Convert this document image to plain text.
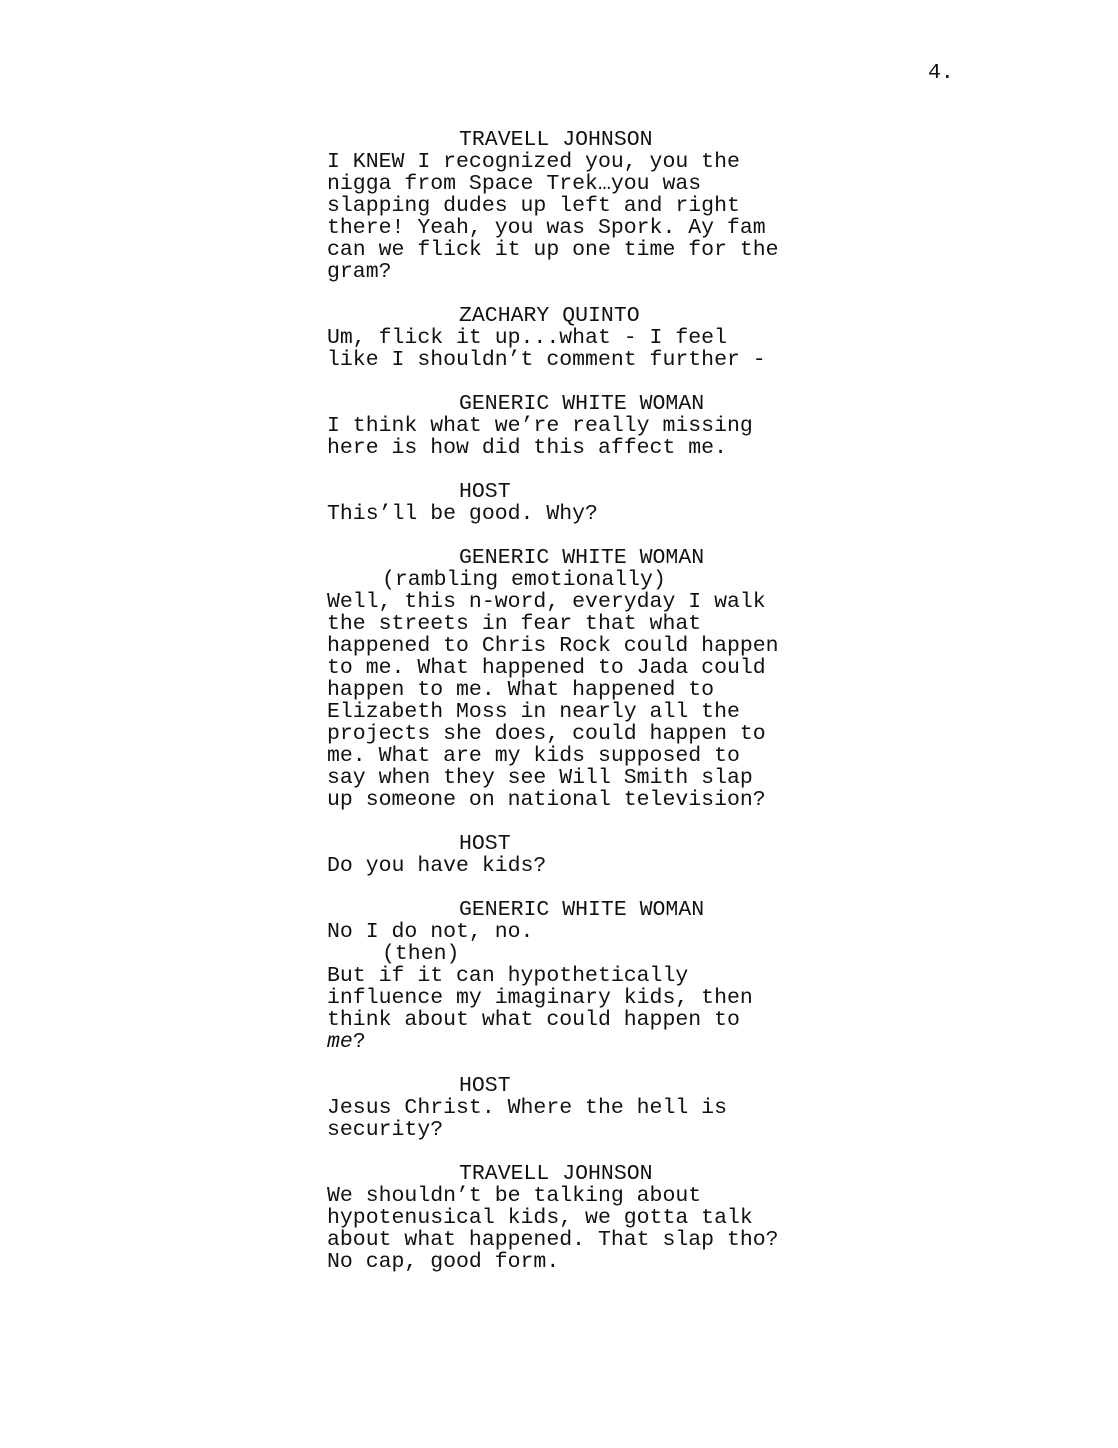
4.
TRAVELL JOHNSON
I KNEW I recognized you, you the
nigga from Space Trek…you was
slapping dudes up left and right
there! Yeah, you was Spork. Ay fam
can we flick it up one time for the
gram?
ZACHARY QUINTO
Um, flick it up...what - I feel
like I shouldn’t comment further -
GENERIC WHITE WOMAN
I think what we’re really missing
here is how did this affect me.
HOST
This’ll be good. Why?
GENERIC WHITE WOMAN
(rambling emotionally)
Well, this n-word, everyday I walk
the streets in fear that what
happened to Chris Rock could happen
to me. What happened to Jada could
happen to me. What happened to
Elizabeth Moss in nearly all the
projects she does, could happen to
me. What are my kids supposed to
say when they see Will Smith slap
up someone on national television?
HOST
Do you have kids?
GENERIC WHITE WOMAN
No I do not, no.
(then)
But if it can hypothetically
influence my imaginary kids, then
think about what could happen to
me?
HOST
Jesus Christ. Where the hell is
security?
TRAVELL JOHNSON
We shouldn’t be talking about
hypotenusical kids, we gotta talk
about what happened. That slap tho?
No cap, good form.
